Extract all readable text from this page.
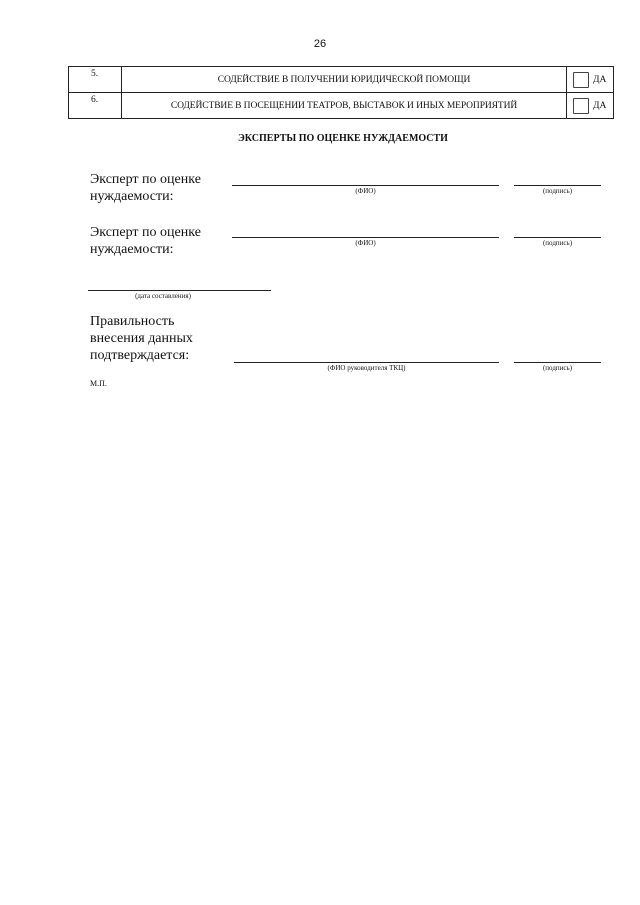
26
5.	СОДЕЙСТВИЕ В ПОЛУЧЕНИИ ЮРИДИЧЕСКОЙ ПОМОЩИ	ДА

6.	СОДЕЙСТВИЕ В ПОСЕЩЕНИИ ТЕАТРОВ, ВЫСТАВОК И ИНЫХ МЕРОПРИЯТИЙ	ДА
ЭКСПЕРТЫ ПО ОЦЕНКЕ НУЖДАЕМОСТИ
Эксперт по оценке
нуждаемости:	(ФИО)	(подпись)
Эксперт по оценке
нуждаемости:	(ФИО)	(подпись)
(дата составления)
Правильность
внесения данных
подтверждается:
(ФИО руководителя ТКЦ)	(подпись)
М.П.
